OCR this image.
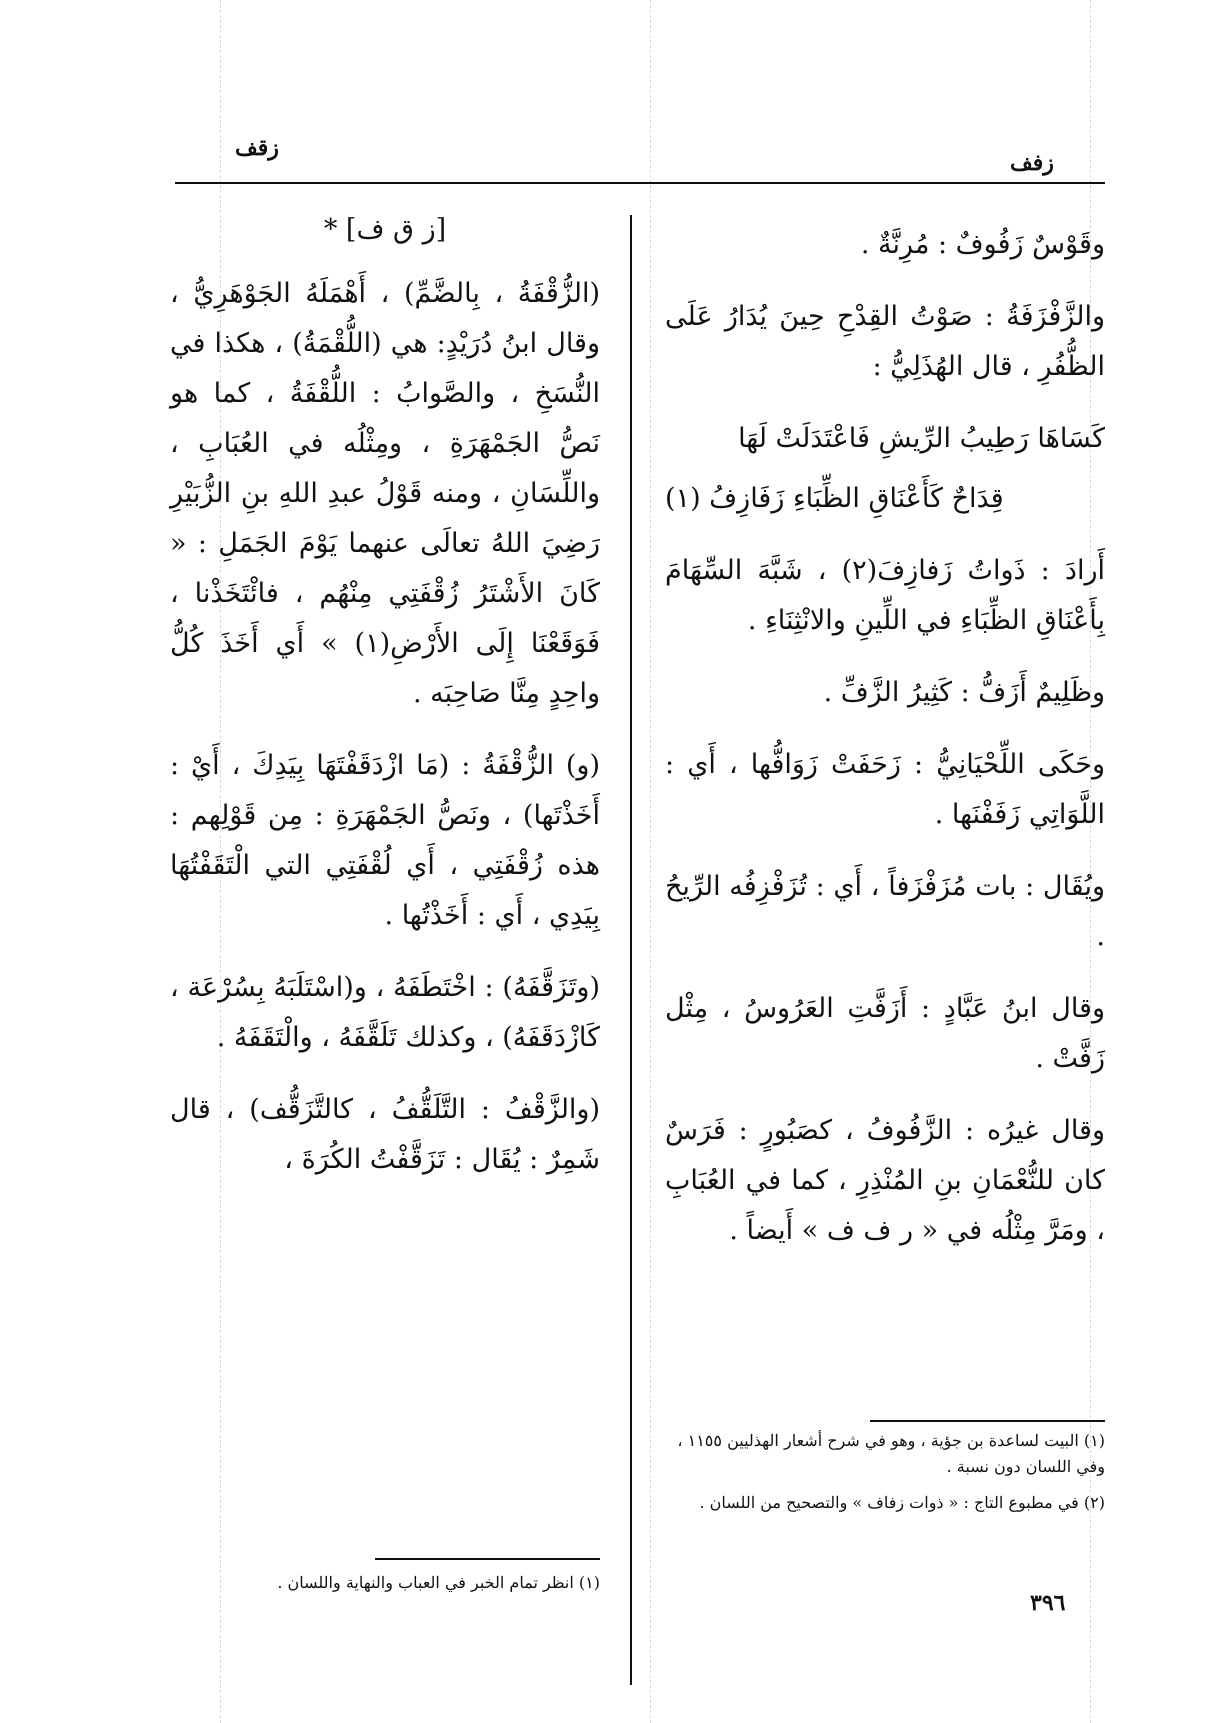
زقف
زفف

[ز ق ف] *

(الزُّقْفَةُ ، بِالضَّمِّ) ، أَهْمَلَهُ الجَوْهَرِيُّ ، وقال ابنُ دُرَيْدٍ: هي (اللُّقْمَةُ) ، هكذا في النُّسَخِ ، والصَّوابُ : اللُّقْفَةُ ، كما هو نَصُّ الجَمْهَرَةِ ، ومِثْلُه في العُبَابِ ، واللِّسَانِ ، ومنه قَوْلُ عبدِ اللهِ بنِ الزُّبَيْرِ رَضِيَ اللهُ تعالَى عنهما يَوْمَ الجَمَلِ : « كَانَ الأَشْتَرُ زُقْفَتِي مِنْهُم ، فائْتَخَذْنا ، فَوَقَعْنَا إِلَى الأَرْضِ(١) » أَي أَخَذَ كُلُّ واحِدٍ مِنَّا صَاحِبَه .

(و) الزُّقْفَةُ : (مَا ازْدَقَفْتَهَا بِيَدِكَ ، أَيْ : أَخَذْتَها) ، ونَصُّ الجَمْهَرَةِ : مِن قَوْلِهم : هذه زُقْفَتِي ، أَي لُقْفَتِي التي الْتَقَفْتُهَا بِيَدِي ، أَي : أَخَذْتُها .

(وتَزَقَّفَهُ) : اخْتَطَفَهُ ، و(اسْتَلَبَهُ بِسُرْعَة ، كَازْدَقَفَهُ) ، وكذلك تَلَقَّفَهُ ، والْتَقَفَهُ .

(والزَّقْفُ : التَّلَقُّفُ ، كالتَّزَقُّف) ، قال شَمِرٌ : يُقَال : تَزَقَّفْتُ الكُرَةَ ،

(١) انظر تمام الخبر في العباب والنهاية واللسان .

وقَوْسٌ زَفُوفٌ : مُرِنَّةٌ .

والزَّفْزَفَةُ : صَوْتُ القِدْحِ حِينَ يُدَارُ عَلَى الظُّفُرِ ، قال الهُذَلِيُّ :

كَسَاهَا رَطِيبُ الرِّيشِ فَاعْتَدَلَتْ لَهَا

قِدَاحٌ كَأَعْنَاقِ الظِّبَاءِ زَفَازِفُ (١)

أَرادَ : ذَواتُ زَفازِفَ(٢) ، شَبَّهَ السِّهَامَ بِأَعْنَاقِ الظِّبَاءِ في اللِّينِ والانْثِنَاءِ .

وظَلِيمٌ أَزَفُّ : كَثِيرُ الزَّفِّ .

وحَكَى اللِّحْيَانِيُّ : زَحَفَتْ زَوَافُّها ، أَي : اللَّوَاتِي زَفَفْنَها .

ويُقَال : بات مُزَفْزَفاً ، أَي : تُزَفْزِفُه الرِّيحُ .

وقال ابنُ عَبَّادٍ : أَزَفَّتِ العَرُوسُ ، مِثْل زَفَّتْ .

وقال غيرُه : الزَّفُوفُ ، كصَبُورٍ : فَرَسٌ كان للنُّعْمَانِ بنِ المُنْذِرِ ، كما في العُبَابِ ، ومَرَّ مِثْلُه في « ر ف ف » أَيضاً .

(١) البيت لساعدة بن جؤية ، وهو في شرح أشعار الهذليين ١١٥٥ ، وفي اللسان دون نسبة .
(٢) في مطبوع التاج : « ذوات زفاف » والتصحيح من اللسان .
٣٩٦
